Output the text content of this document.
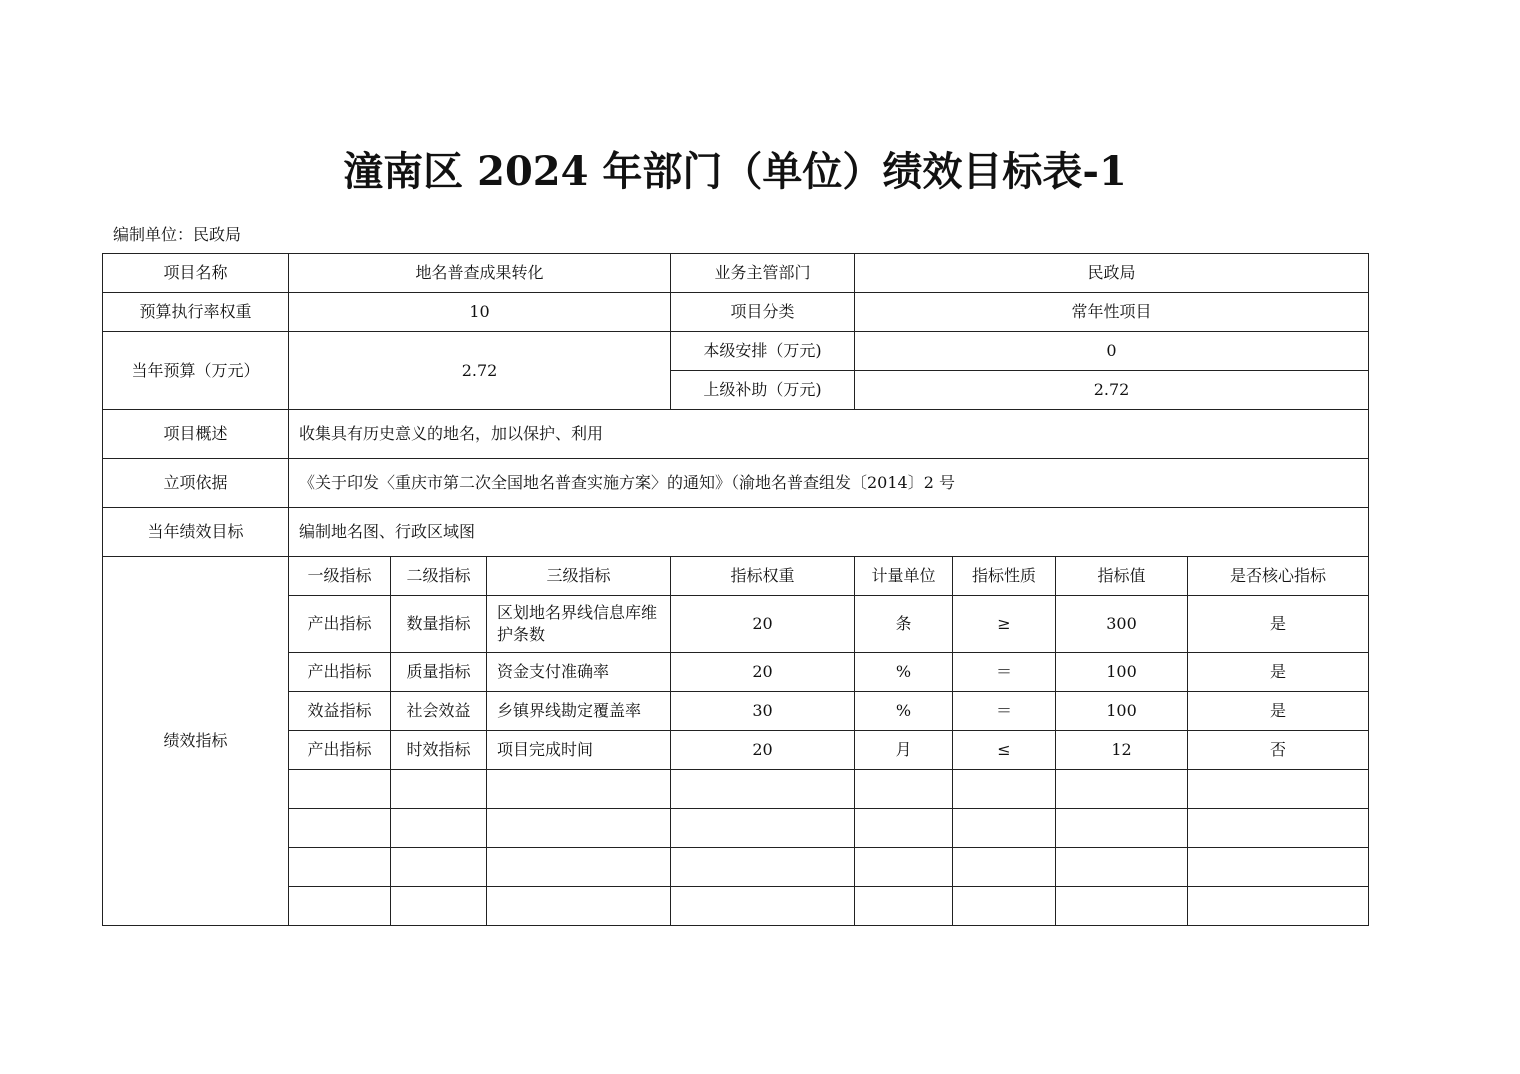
潼南区 2024 年部门（单位）绩效目标表-1
编制单位：民政局
项目名称	地名普查成果转化			业务主管部门	民政局			
预算执行率权重	10			项目分类	常年性项目			
当年预算（万元）	2.72			本级安排（万元)	0			
				上级补助（万元)	2.72			
项目概述	收集具有历史意义的地名，加以保护、利用							
立项依据	《关于印发〈重庆市第二次全国地名普查实施方案〉的通知》（渝地名普查组发〔2014〕2 号							
当年绩效目标	编制地名图、行政区域图							
绩效指标	一级指标	二级指标	三级指标	指标权重	计量单位	指标性质	指标值	是否核心指标
	产出指标	数量指标	区划地名界线信息库维护条数	20	条	≥	300	是
	产出指标	质量指标	资金支付准确率	20	%	＝	100	是
	效益指标	社会效益	乡镇界线勘定覆盖率	30	%	＝	100	是
	产出指标	时效指标	项目完成时间	20	月	≤	12	否
